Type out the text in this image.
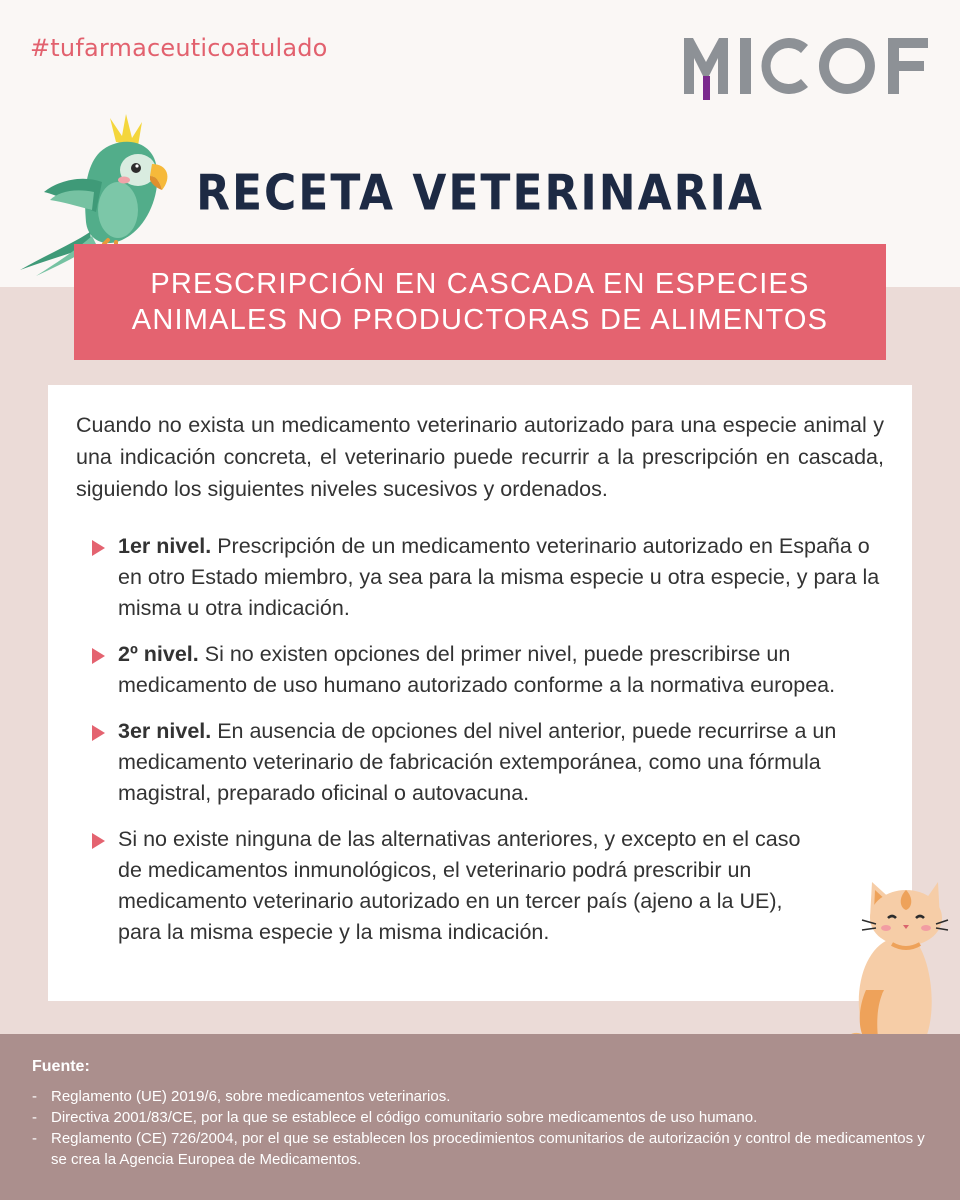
#tufarmaceuticoatulado
RECETA VETERINARIA
PRESCRIPCIÓN EN CASCADA EN ESPECIES
ANIMALES NO PRODUCTORAS DE ALIMENTOS

Cuando no exista un medicamento veterinario autorizado para una especie animal y una indicación concreta, el veterinario puede recurrir a la prescripción en cascada, siguiendo los siguientes niveles sucesivos y ordenados.

1er nivel. Prescripción de un medicamento veterinario autorizado en España o en otro Estado miembro, ya sea para la misma especie u otra especie, y para la misma u otra indicación.
2º nivel. Si no existen opciones del primer nivel, puede prescribirse un medicamento de uso humano autorizado conforme a la normativa europea.
3er nivel. En ausencia de opciones del nivel anterior, puede recurrirse a un medicamento veterinario de fabricación extemporánea, como una fórmula magistral, preparado oficinal o autovacuna.
Si no existe ninguna de las alternativas anteriores, y excepto en el caso de medicamentos inmunológicos, el veterinario podrá prescribir un medicamento veterinario autorizado en un tercer país (ajeno a la UE), para la misma especie y la misma indicación.
Fuente:
- Reglamento (UE) 2019/6, sobre medicamentos veterinarios.
- Directiva 2001/83/CE, por la que se establece el código comunitario sobre medicamentos de uso humano.
- Reglamento (CE) 726/2004, por el que se establecen los procedimientos comunitarios de autorización y control de medicamentos y se crea la Agencia Europea de Medicamentos.
